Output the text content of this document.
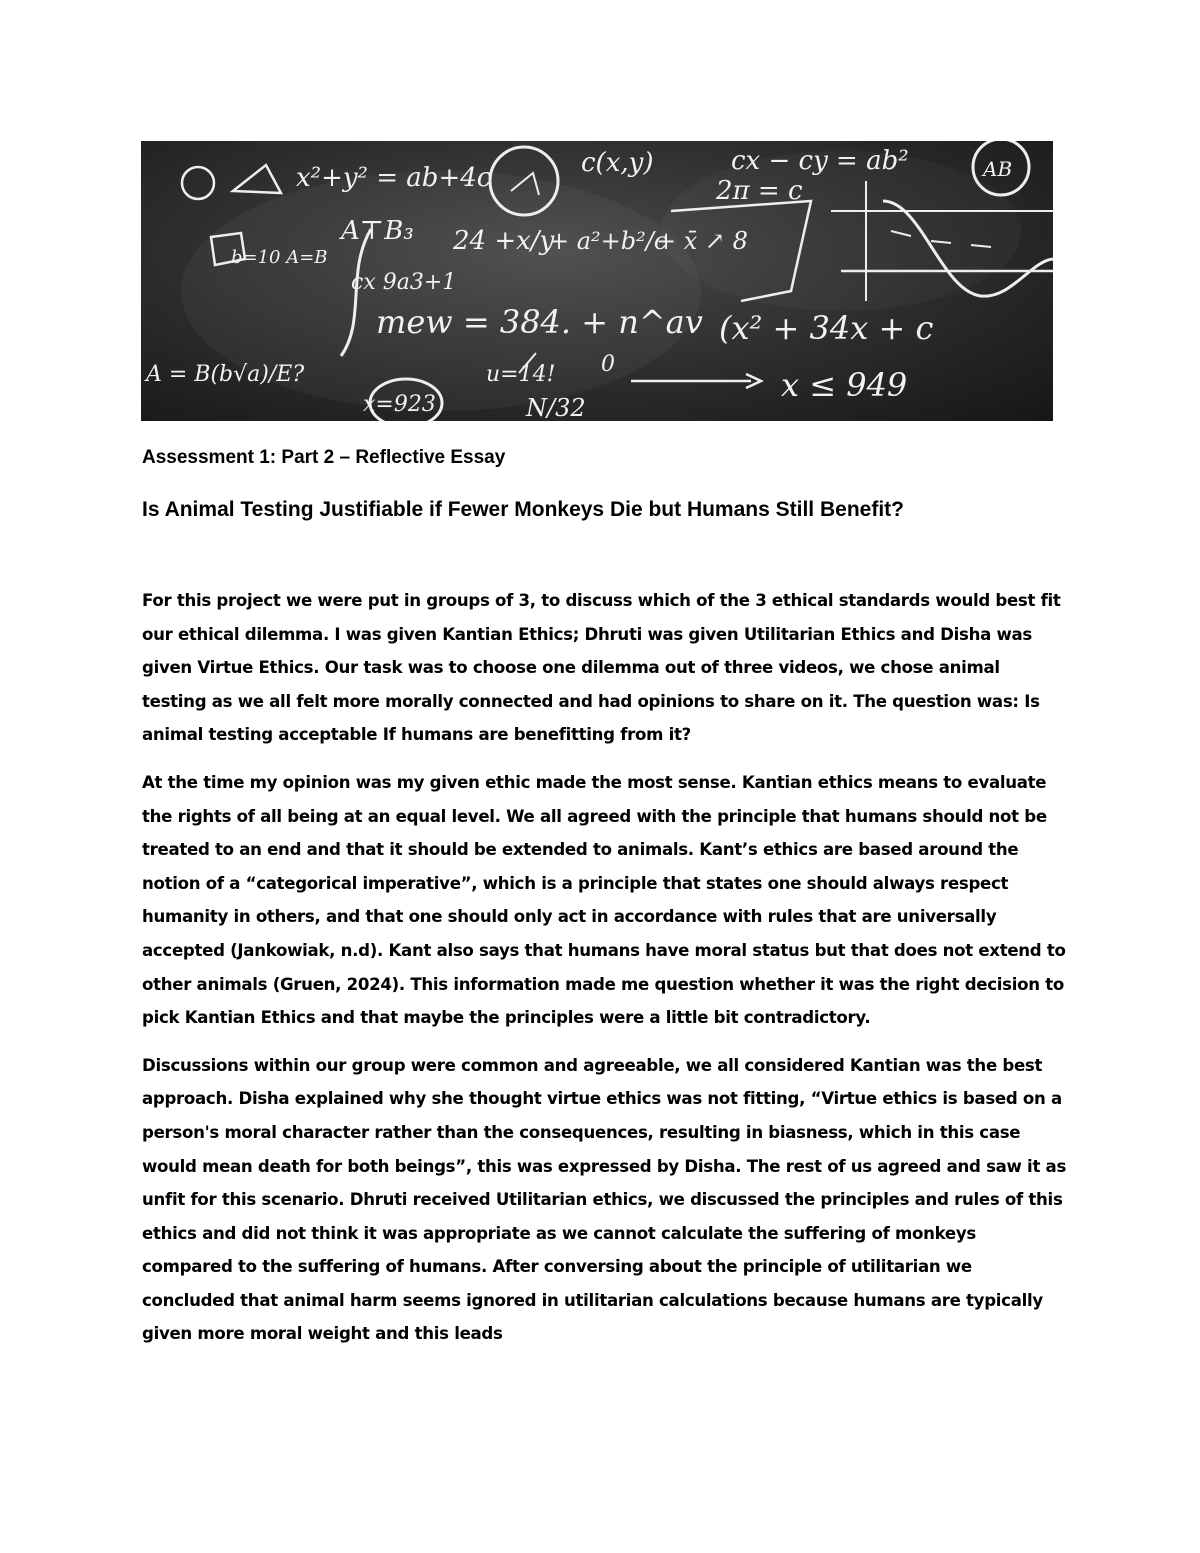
x²+y² = ab+4c	c(x,y)	cx − cy = ab²
2π = c
AB
A⊤B₃ 24 +x/y
+ a²+b²/c
+ x̄ ↗ 8
cx 9a3+1
mew = 384. + n^av (x² + 34x + c
x=923
u=14!
N/32
x ≤ 949
0
b=10 A=B
A = B(b√a)/E?
Assessment 1: Part 2 – Reflective Essay
Is Animal Testing Justifiable if Fewer Monkeys Die but Humans Still Benefit?

For this project we were put in groups of 3, to discuss which of the 3 ethical standards would best fit our ethical dilemma. I was given Kantian Ethics; Dhruti was given Utilitarian Ethics and Disha was given Virtue Ethics. Our task was to choose one dilemma out of three videos, we chose animal testing as we all felt more morally connected and had opinions to share on it. The question was: Is animal testing acceptable If humans are benefitting from it?

At the time my opinion was my given ethic made the most sense. Kantian ethics means to evaluate the rights of all being at an equal level. We all agreed with the principle that humans should not be treated to an end and that it should be extended to animals. Kant’s ethics are based around the notion of a “categorical imperative”, which is a principle that states one should always respect humanity in others, and that one should only act in accordance with rules that are universally accepted (Jankowiak, n.d). Kant also says that humans have moral status but that does not extend to other animals (Gruen, 2024). This information made me question whether it was the right decision to pick Kantian Ethics and that maybe the principles were a little bit contradictory.

Discussions within our group were common and agreeable, we all considered Kantian was the best approach. Disha explained why she thought virtue ethics was not fitting, “Virtue ethics is based on a person's moral character rather than the consequences, resulting in biasness, which in this case would mean death for both beings”, this was expressed by Disha. The rest of us agreed and saw it as unfit for this scenario. Dhruti received Utilitarian ethics, we discussed the principles and rules of this ethics and did not think it was appropriate as we cannot calculate the suffering of monkeys compared to the suffering of humans. After conversing about the principle of utilitarian we concluded that animal harm seems ignored in utilitarian calculations because humans are typically given more moral weight and this leads
